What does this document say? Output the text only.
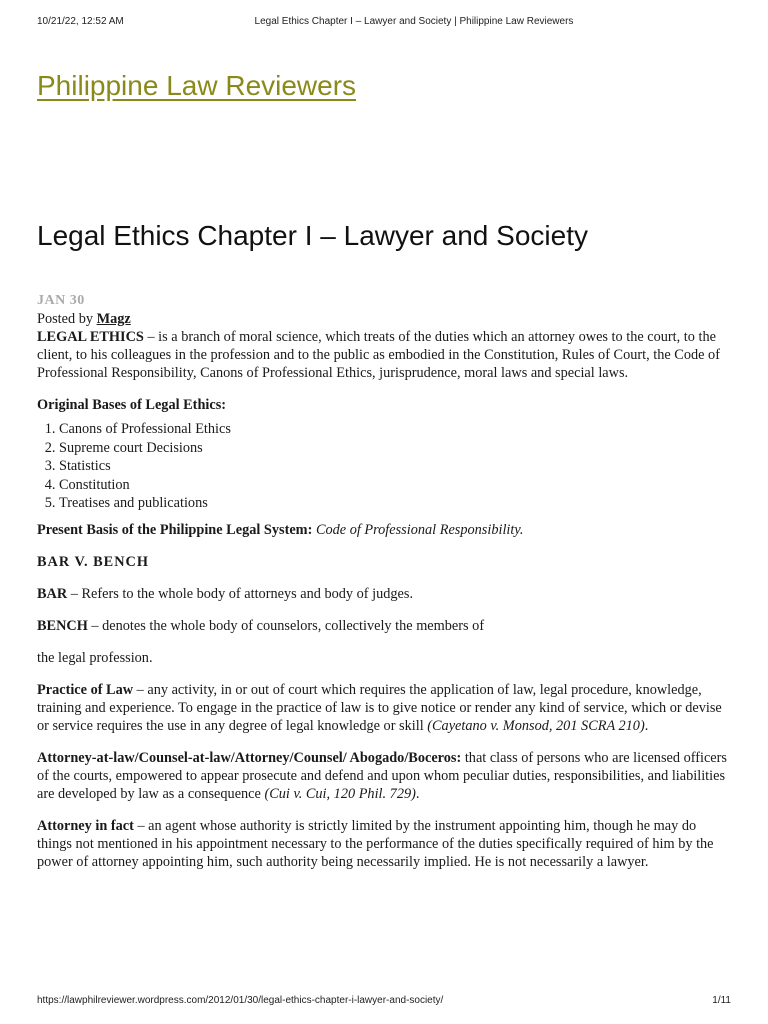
10/21/22, 12:52 AM	Legal Ethics Chapter I – Lawyer and Society | Philippine Law Reviewers
Philippine Law Reviewers
Legal Ethics Chapter I – Lawyer and Society
JAN 30
Posted by Magz

LEGAL ETHICS – is a branch of moral science, which treats of the duties which an attorney owes to the court, to the client, to his colleagues in the profession and to the public as embodied in the Constitution, Rules of Court, the Code of Professional Responsibility, Canons of Professional Ethics, jurisprudence, moral laws and special laws.

Original Bases of Legal Ethics:

1. Canons of Professional Ethics
2. Supreme court Decisions
3. Statistics
4. Constitution
5. Treatises and publications

Present Basis of the Philippine Legal System: Code of Professional Responsibility.

BAR V. BENCH

BAR – Refers to the whole body of attorneys and body of judges.

BENCH – denotes the whole body of counselors, collectively the members of

the legal profession.

Practice of Law – any activity, in or out of court which requires the application of law, legal procedure, knowledge, training and experience. To engage in the practice of law is to give notice or render any kind of service, which or devise or service requires the use in any degree of legal knowledge or skill (Cayetano v. Monsod, 201 SCRA 210).

Attorney-at-law/Counsel-at-law/Attorney/Counsel/ Abogado/Boceros: that class of persons who are licensed officers of the courts, empowered to appear prosecute and defend and upon whom peculiar duties, responsibilities, and liabilities are developed by law as a consequence (Cui v. Cui, 120 Phil. 729).

Attorney in fact – an agent whose authority is strictly limited by the instrument appointing him, though he may do things not mentioned in his appointment necessary to the performance of the duties specifically required of him by the power of attorney appointing him, such authority being necessarily implied. He is not necessarily a lawyer.

https://lawphilreviewer.wordpress.com/2012/01/30/legal-ethics-chapter-i-lawyer-and-society/	1/11
